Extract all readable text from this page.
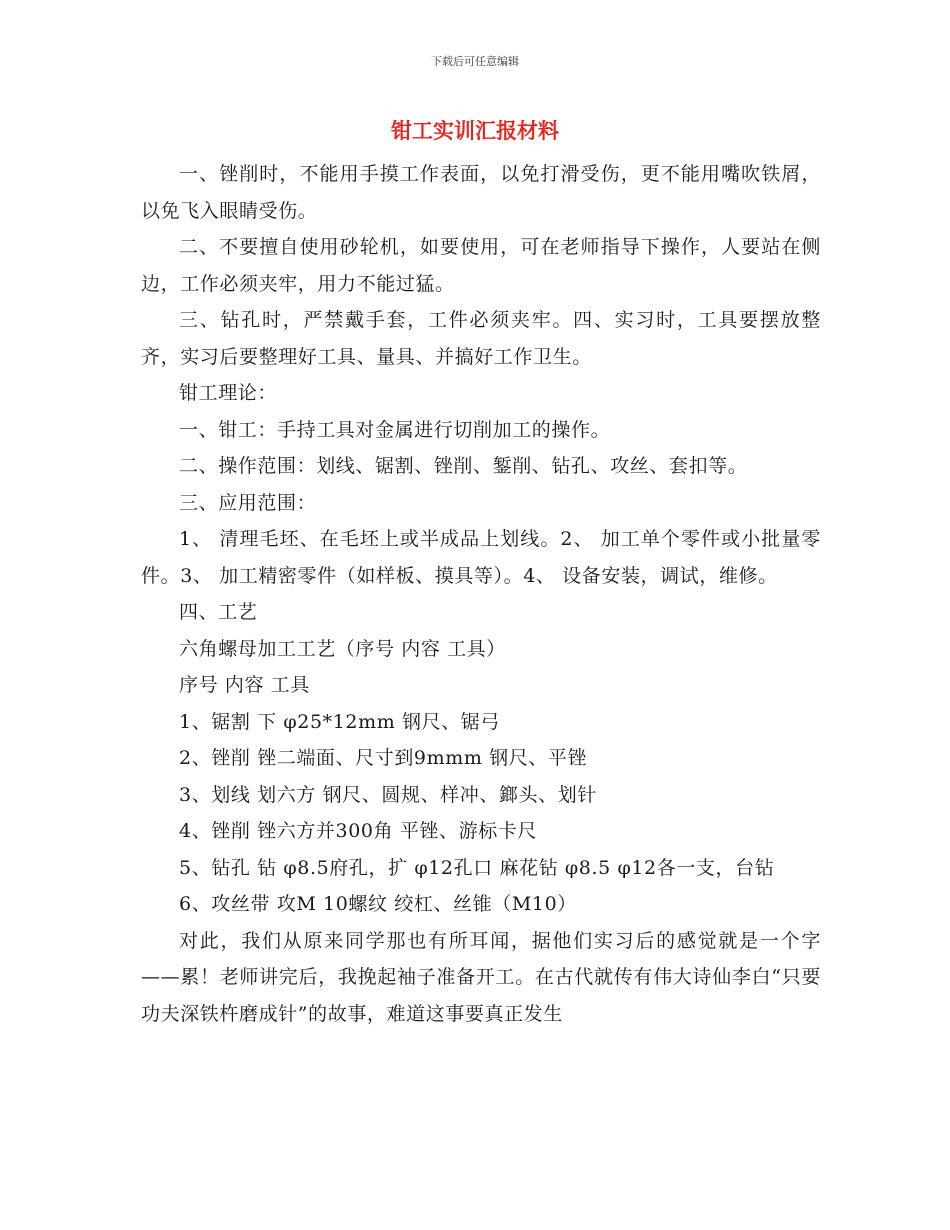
下载后可任意编辑
钳工实训汇报材料

一、锉削时，不能用手摸工作表面，以免打滑受伤，更不能用嘴吹铁屑，以免飞入眼睛受伤。

二、不要擅自使用砂轮机，如要使用，可在老师指导下操作，人要站在侧边，工作必须夹牢，用力不能过猛。

三、钻孔时，严禁戴手套，工件必须夹牢。四、实习时，工具要摆放整齐，实习后要整理好工具、量具、并搞好工作卫生。

钳工理论：

一、钳工：手持工具对金属进行切削加工的操作。

二、操作范围：划线、锯割、锉削、錾削、钻孔、攻丝、套扣等。

三、应用范围：

1、 清理毛坯、在毛坯上或半成品上划线。2、 加工单个零件或小批量零件。3、 加工精密零件（如样板、摸具等）。4、 设备安装，调试，维修。

四、工艺

六角螺母加工工艺（序号 内容 工具）

序号 内容 工具

1、锯割 下 φ25*12mm 钢尺、锯弓

2、锉削 锉二端面、尺寸到9mmm 钢尺、平锉

3、划线 划六方 钢尺、圆规、样冲、鎯头、划针

4、锉削 锉六方并300角 平锉、游标卡尺

5、钻孔 钻 φ8.5府孔，扩 φ12孔口 麻花钻 φ8.5 φ12各一支，台钻

6、攻丝带 攻M 10螺纹 绞杠、丝锥（M10）

对此，我们从原来同学那也有所耳闻，据他们实习后的感觉就是一个字——累！老师讲完后，我挽起袖子准备开工。在古代就传有伟大诗仙李白“只要功夫深铁杵磨成针”的故事，难道这事要真正发生
